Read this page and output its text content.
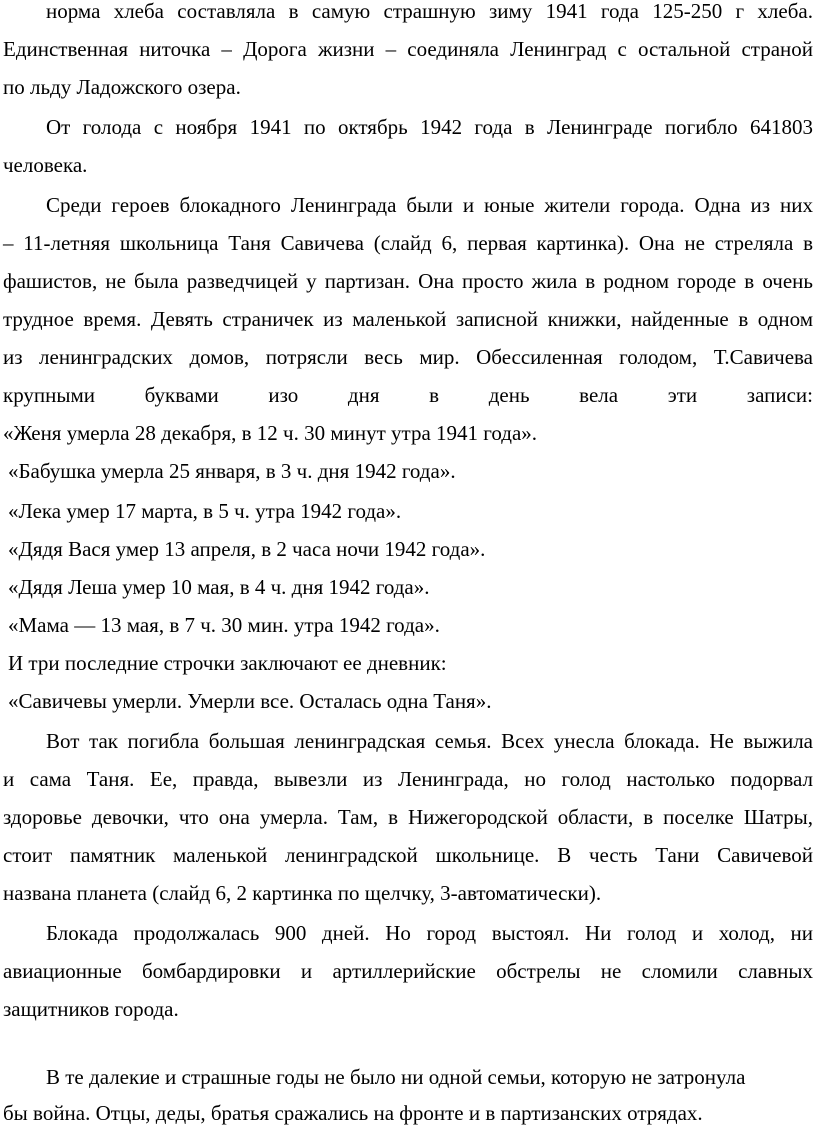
норма хлеба составляла в самую страшную зиму 1941 года 125-250 г хлеба.
Единственная ниточка – Дорога жизни – соединяла Ленинград с остальной страной
по льду Ладожского озера.
От голода с ноября 1941 по октябрь 1942 года в Ленинграде погибло 641803
человека.
Среди героев блокадного Ленинграда были и юные жители города. Одна из них
– 11-летняя школьница Таня Савичева (слайд 6, первая картинка). Она не стреляла в
фашистов, не была разведчицей у партизан. Она просто жила в родном городе в очень
трудное время. Девять страничек из маленькой записной книжки, найденные в одном
из ленинградских домов, потрясли весь мир. Обессиленная голодом, Т.Савичева
крупными буквами изо дня в день вела эти записи:
«Женя умерла 28 декабря, в 12 ч. 30 минут утра 1941 года».
«Бабушка умерла 25 января, в 3 ч. дня 1942 года».
«Лека умер 17 марта, в 5 ч. утра 1942 года».
«Дядя Вася умер 13 апреля, в 2 часа ночи 1942 года».
«Дядя Леша умер 10 мая, в 4 ч. дня 1942 года».
«Мама — 13 мая, в 7 ч. 30 мин. утра 1942 года».
И три последние строчки заключают ее дневник:
«Савичевы умерли. Умерли все. Осталась одна Таня».
Вот так погибла большая ленинградская семья. Всех унесла блокада. Не выжила
и сама Таня. Ее, правда, вывезли из Ленинграда, но голод настолько подорвал
здоровье девочки, что она умерла. Там, в Нижегородской области, в поселке Шатры,
стоит памятник маленькой ленинградской школьнице. В честь Тани Савичевой
названа планета (слайд 6, 2 картинка по щелчку, 3-автоматически).
Блокада продолжалась 900 дней. Но город выстоял. Ни голод и холод, ни
авиационные бомбардировки и артиллерийские обстрелы не сломили славных
защитников города.
В те далекие и страшные годы не было ни одной семьи, которую не затронула
бы война. Отцы, деды, братья сражались на фронте и в партизанских отрядах.
